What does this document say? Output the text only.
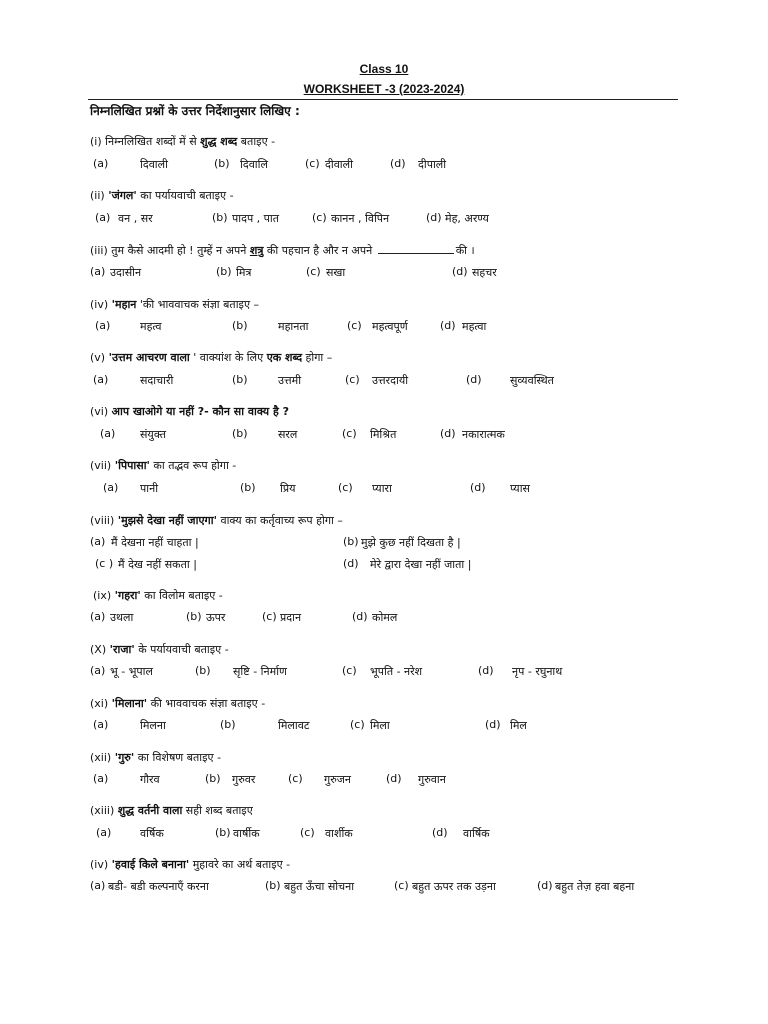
Class 10
WORKSHEET -3 (2023-2024)
निम्नलिखित प्रश्नों के उत्तर निर्देशानुसार लिखिए :
(i) निम्नलिखित शब्दों में से शुद्ध शब्द बताइए -
(a)	दिवाली	(b) दिवालि	(c) दीवाली	(d) दीपाली
(ii) 'जंगल' का पर्यायवाची बताइए -
(a) वन , सर	(b) पादप , पात	(c) कानन , विपिन	(d) मेह, अरण्य
(iii) तुम कैसे आदमी हो ! तुम्हें न अपने शत्रु की पहचान है और न अपने	की ।
(a) उदासीन	(b) मित्र	(c) सखा	(d) सहचर
(iv) 'महान 'की भाववाचक संज्ञा बताइए –
(a)	महत्व	(b)	महानता	(c) महत्वपूर्ण	(d) महत्वा
(v) 'उत्तम आचरण वाला ' वाक्यांश के लिए एक शब्द होगा –
(a)	सदाचारी	(b)	उत्तमी	(c) उत्तरदायी	(d)	सुव्यवस्थित
(vi) आप खाओगे या नहीं ?- कौन सा वाक्य है ?
(a) संयुक्त	(b)	सरल	(c) मिश्रित	(d) नकारात्मक
(vii) 'पिपासा' का तद्भव रूप होगा -
(a) पानी	(b) प्रिय	(c) प्यारा	(d) प्यास
(viii) 'मुझसे देखा नहीं जाएगा' वाक्य का कर्तृवाच्य रूप होगा –
(a) मैं देखना नहीं चाहता |	(b) मुझे कुछ नहीं दिखता है |
(c ) मैं देख नहीं सकता |	(d) मेरे द्वारा देखा नहीं जाता |
(ix) 'गहरा' का विलोम बताइए -
(a) उथला	(b) ऊपर	(c) प्रदान	(d) कोमल
(X) 'राजा' के पर्यायवाची बताइए -
(a) भू - भूपाल	(b) सृष्टि - निर्माण	(c) भूपति - नरेश	(d) नृप - रघुनाथ
(xi) 'मिलाना' की भाववाचक संज्ञा बताइए -
(a)	मिलना	(b)	मिलावट	(c) मिला	(d) मिल
(xii) 'गुरु' का विशेषण बताइए -
(a)	गौरव	(b) गुरुवर	(c) गुरुजन	(d) गुरुवान
(xiii) शुद्ध वर्तनी वाला सही शब्द बताइए
(a)	वर्षिक	(b) वार्षीक	(c) वार्शीक	(d) वार्षिक
(iv) 'हवाई किले बनाना' मुहावरे का अर्थ बताइए -
(a) बडी- बडी कल्पनाएँ करना	(b) बहुत ऊँचा सोचना	(c) बहुत ऊपर तक उड़ना	(d) बहुत तेज़ हवा बहना
